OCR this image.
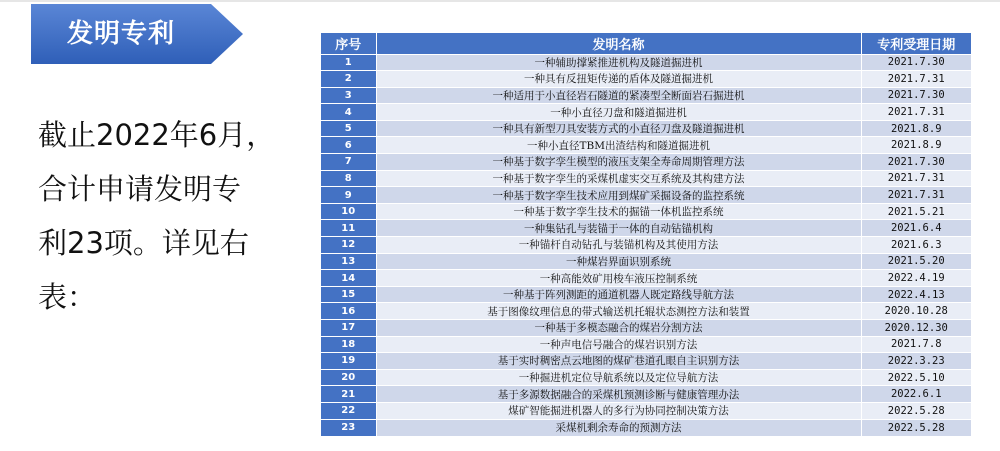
发明专利
截止2022年6月，
合计申请发明专
利23项。详见右
表：
序号	发明名称	专利受理日期
1	一种辅助撑紧推进机构及隧道掘进机	2021.7.30
2	一种具有反扭矩传递的盾体及隧道掘进机	2021.7.31
3	一种适用于小直径岩石隧道的紧凑型全断面岩石掘进机	2021.7.30
4	一种小直径刀盘和隧道掘进机	2021.7.31
5	一种具有新型刀具安装方式的小直径刀盘及隧道掘进机	2021.8.9
6	一种小直径TBM出渣结构和隧道掘进机	2021.8.9
7	一种基于数字孪生模型的液压支架全寿命周期管理方法	2021.7.30
8	一种基于数字孪生的采煤机虚实交互系统及其构建方法	2021.7.31
9	一种基于数字孪生技术应用到煤矿采掘设备的监控系统	2021.7.31
10	一种基于数字孪生技术的掘锚一体机监控系统	2021.5.21
11	一种集钻孔与装锚于一体的自动钻锚机构	2021.6.4
12	一种锚杆自动钻孔与装锚机构及其使用方法	2021.6.3
13	一种煤岩界面识别系统	2021.5.20
14	一种高能效矿用梭车液压控制系统	2022.4.19
15	一种基于阵列测距的通道机器人既定路线导航方法	2022.4.13
16	基于图像纹理信息的带式输送机托辊状态测控方法和装置	2020.10.28
17	一种基于多模态融合的煤岩分割方法	2020.12.30
18	一种声电信号融合的煤岩识别方法	2021.7.8
19	基于实时稠密点云地图的煤矿巷道孔眼自主识别方法	2022.3.23
20	一种掘进机定位导航系统以及定位导航方法	2022.5.10
21	基于多源数据融合的采煤机预测诊断与健康管理办法	2022.6.1
22	煤矿智能掘进机器人的多行为协同控制决策方法	2022.5.28
23	采煤机剩余寿命的预测方法	2022.5.28
